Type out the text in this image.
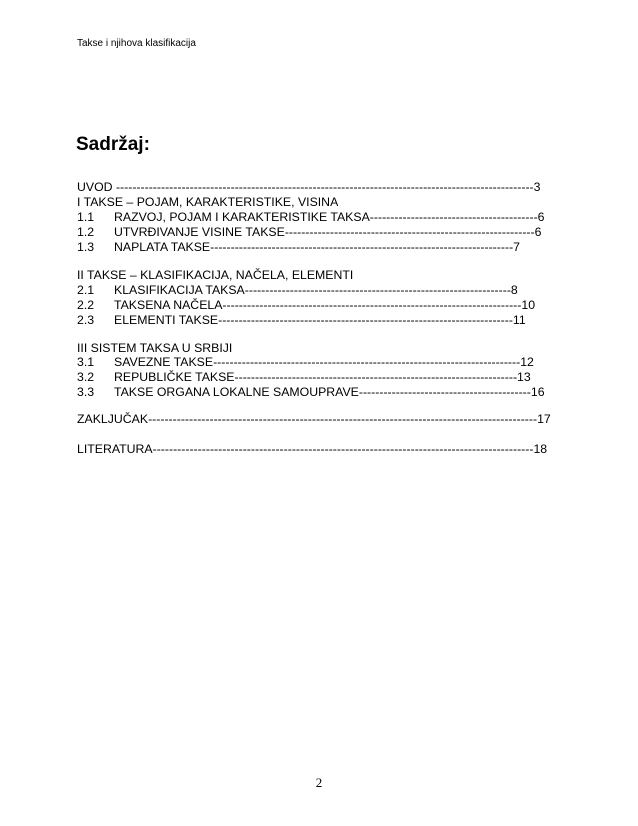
Takse i njihova klasifikacija
Sadržaj:
UVOD ------------------------------------------------------------------------------------------------------3
I TAKSE – POJAM, KARAKTERISTIKE, VISINA
1.1 RAZVOJ, POJAM I KARAKTERISTIKE TAKSA-----------------------------------------6
1.2 UTVRĐIVANJE VISINE TAKSE-------------------------------------------------------------6
1.3 NAPLATA TAKSE--------------------------------------------------------------------------7
II TAKSE – KLASIFIKACIJA, NAČELA, ELEMENTI
2.1 KLASIFIKACIJA TAKSA-----------------------------------------------------------------8
2.2 TAKSENA NAČELA-------------------------------------------------------------------------10
2.3 ELEMENTI TAKSE------------------------------------------------------------------------11
III SISTEM TAKSA U SRBIJI
3.1 SAVEZNE TAKSE---------------------------------------------------------------------------12
3.2 REPUBLIČKE TAKSE---------------------------------------------------------------------13
3.3 TAKSE ORGANA LOKALNE SAMOUPRAVE------------------------------------------16
ZAKLJUČAK-----------------------------------------------------------------------------------------------17
LITERATURA---------------------------------------------------------------------------------------------18
2
